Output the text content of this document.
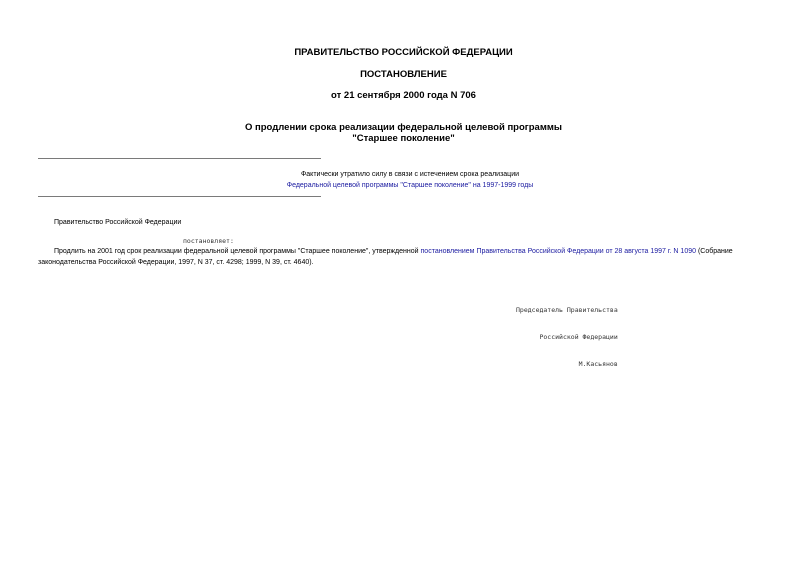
ПРАВИТЕЛЬСТВО РОССИЙСКОЙ ФЕДЕРАЦИИ
ПОСТАНОВЛЕНИЕ
от 21 сентября 2000 года N 706
О продлении срока реализации федеральной целевой программы
"Старшее поколение"
Фактически утратило силу в связи с истечением срока реализации
Федеральной целевой программы "Старшее поколение" на 1997-1999 годы
Правительство Российской Федерации
постановляет:
Продлить на 2001 год срок реализации федеральной целевой программы "Старшее поколение", утвержденной постановлением Правительства Российской Федерации от 28 августа 1997 г. N 1090 (Собрание
законодательства Российской Федерации, 1997, N 37, ст. 4298; 1999, N 39, ст. 4640).

Председатель Правительства

Российской Федерации

М.Касьянов
